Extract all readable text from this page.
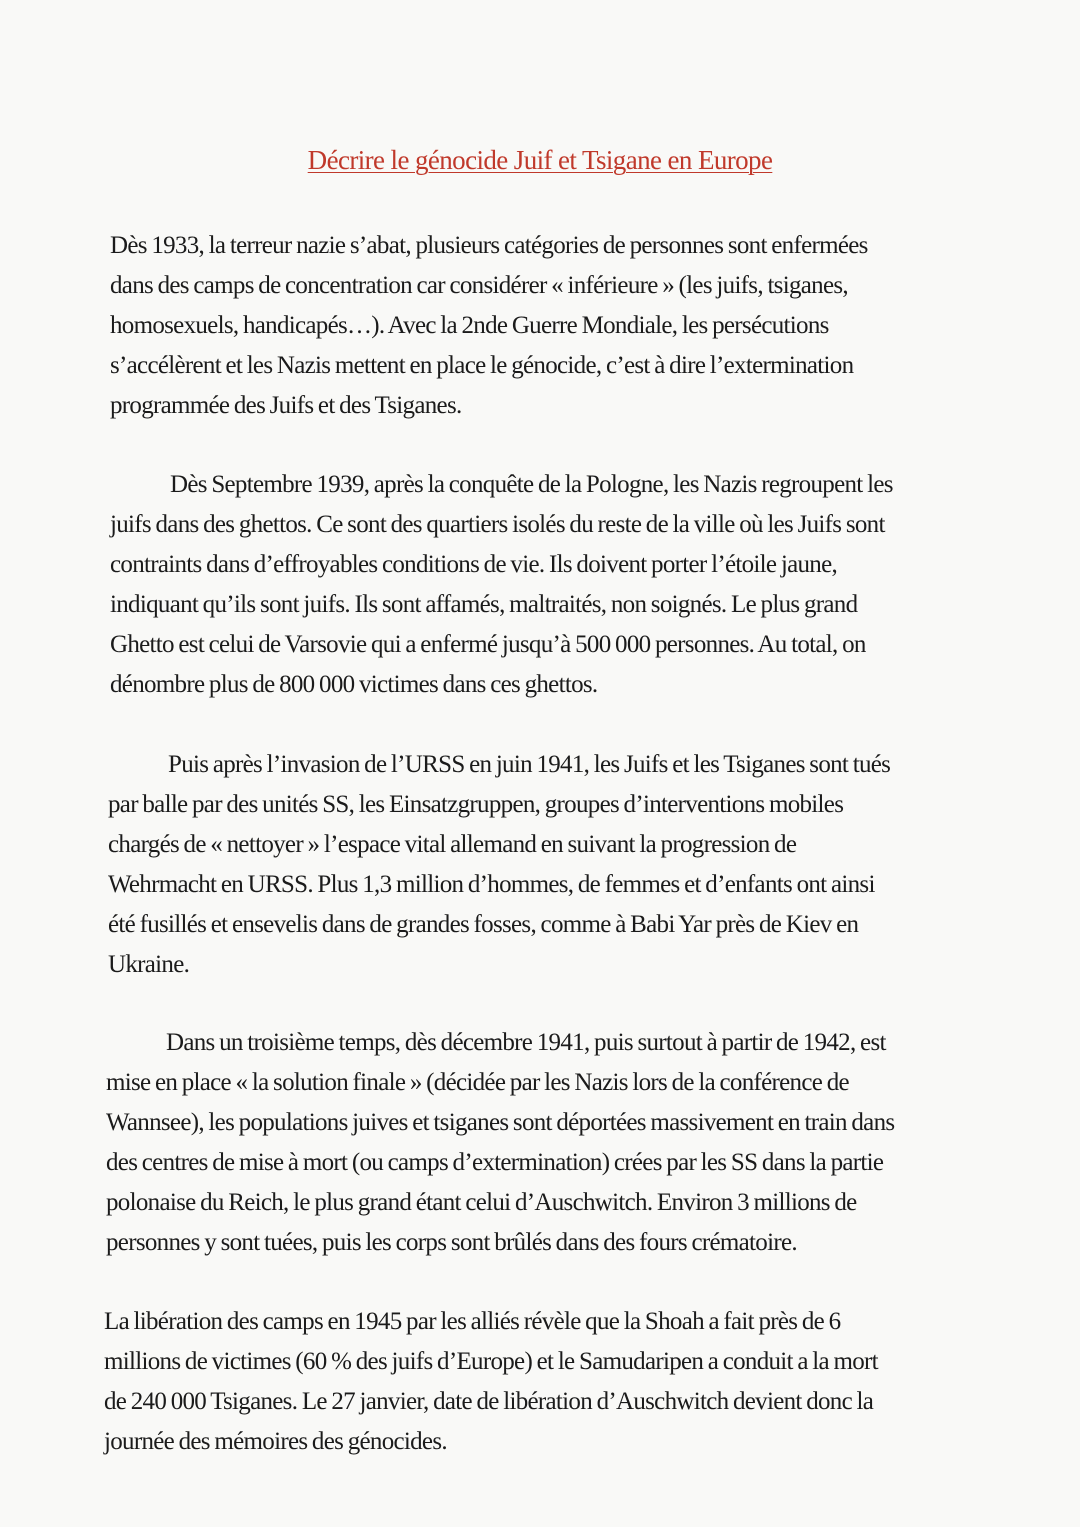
Décrire le génocide Juif et Tsigane en Europe

Dès 1933, la terreur nazie s’abat, plusieurs catégories de personnes sont enfermées
dans des camps de concentration car considérer « inférieure » (les juifs, tsiganes,
homosexuels, handicapés…). Avec la 2nde Guerre Mondiale, les persécutions
s’accélèrent et les Nazis mettent en place le génocide, c’est à dire l’extermination
programmée des Juifs et des Tsiganes.

Dès Septembre 1939, après la conquête de la Pologne, les Nazis regroupent les
juifs dans des ghettos. Ce sont des quartiers isolés du reste de la ville où les Juifs sont
contraints dans d’effroyables conditions de vie. Ils doivent porter l’étoile jaune,
indiquant qu’ils sont juifs. Ils sont affamés, maltraités, non soignés. Le plus grand
Ghetto est celui de Varsovie qui a enfermé jusqu’à 500 000 personnes. Au total, on
dénombre plus de 800 000 victimes dans ces ghettos.

Puis après l’invasion de l’URSS en juin 1941, les Juifs et les Tsiganes sont tués
par balle par des unités SS, les Einsatzgruppen, groupes d’interventions mobiles
chargés de « nettoyer » l’espace vital allemand en suivant la progression de
Wehrmacht en URSS. Plus 1,3 million d’hommes, de femmes et d’enfants ont ainsi
été fusillés et ensevelis dans de grandes fosses, comme à Babi Yar près de Kiev en
Ukraine.

Dans un troisième temps, dès décembre 1941, puis surtout à partir de 1942, est
mise en place « la solution finale » (décidée par les Nazis lors de la conférence de
Wannsee), les populations juives et tsiganes sont déportées massivement en train dans
des centres de mise à mort (ou camps d’extermination) crées par les SS dans la partie
polonaise du Reich, le plus grand étant celui d’Auschwitch. Environ 3 millions de
personnes y sont tuées, puis les corps sont brûlés dans des fours crématoire.

La libération des camps en 1945 par les alliés révèle que la Shoah a fait près de 6
millions de victimes (60 % des juifs d’Europe) et le Samudaripen a conduit a la mort
de 240 000 Tsiganes. Le 27 janvier, date de libération d’Auschwitch devient donc la
journée des mémoires des génocides.
